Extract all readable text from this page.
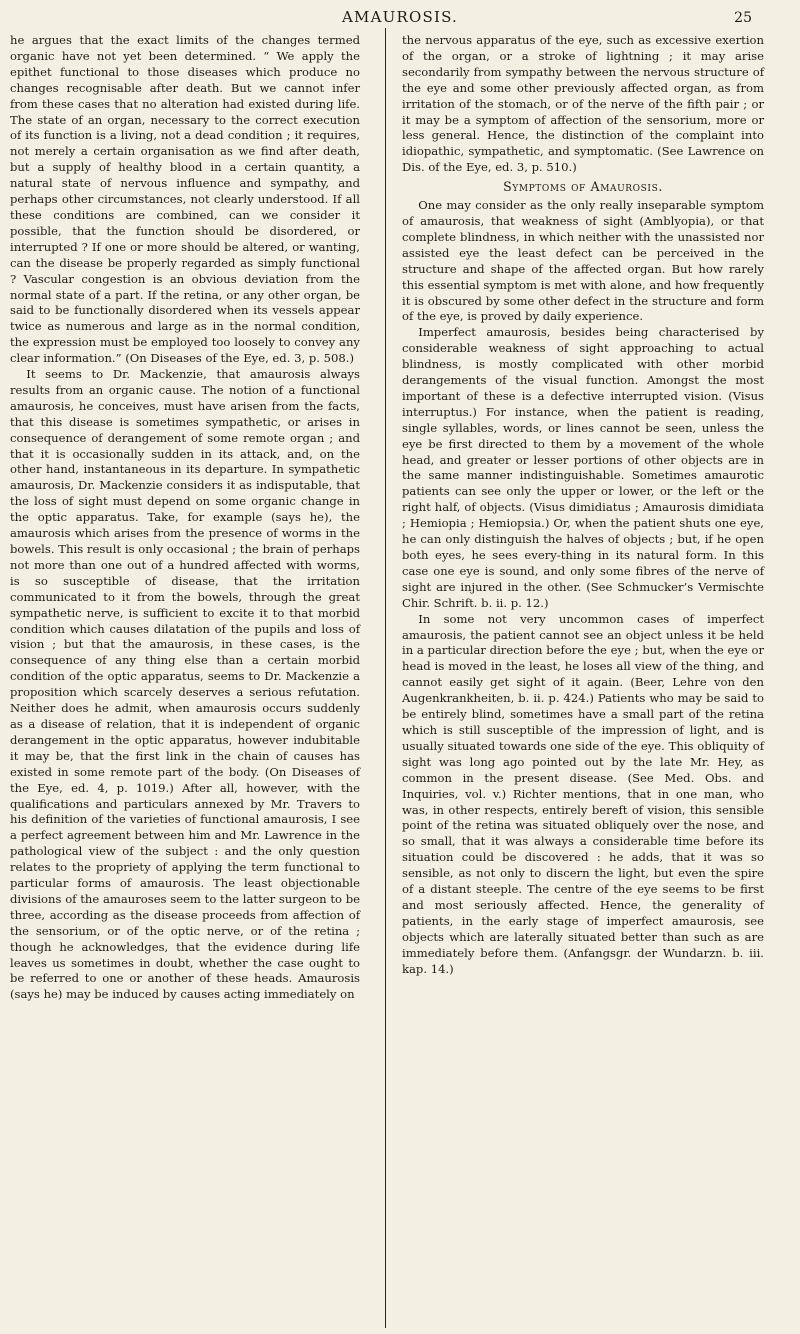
AMAUROSIS.	25

he argues that the exact limits of the changes termed organic have not yet been determined. “ We apply the epithet functional to those diseases which produce no changes recognisable after death. But we cannot infer from these cases that no alteration had existed during life. The state of an organ, necessary to the correct execution of its function is a living, not a dead condition ; it requires, not merely a certain organisation as we find after death, but a supply of healthy blood in a certain quantity, a natural state of nervous influence and sympathy, and perhaps other circumstances, not clearly understood. If all these conditions are combined, can we consider it possible, that the function should be disordered, or interrupted ? If one or more should be altered, or wanting, can the disease be properly regarded as simply functional ? Vascular congestion is an obvious deviation from the normal state of a part. If the retina, or any other organ, be said to be functionally disordered when its vessels appear twice as numerous and large as in the normal condition, the expression must be employed too loosely to convey any clear information.” (On Diseases of the Eye, ed. 3, p. 508.)

It seems to Dr. Mackenzie, that amaurosis always results from an organic cause. The notion of a functional amaurosis, he conceives, must have arisen from the facts, that this disease is sometimes sympathetic, or arises in consequence of derangement of some remote organ ; and that it is occasionally sudden in its attack, and, on the other hand, instantaneous in its departure. In sympathetic amaurosis, Dr. Mackenzie considers it as indisputable, that the loss of sight must depend on some organic change in the optic apparatus. Take, for example (says he), the amaurosis which arises from the presence of worms in the bowels. This result is only occasional ; the brain of perhaps not more than one out of a hundred affected with worms, is so susceptible of disease, that the irritation communicated to it from the bowels, through the great sympathetic nerve, is sufficient to excite it to that morbid condition which causes dilatation of the pupils and loss of vision ; but that the amaurosis, in these cases, is the consequence of any thing else than a certain morbid condition of the optic apparatus, seems to Dr. Mackenzie a proposition which scarcely deserves a serious refutation. Neither does he admit, when amaurosis occurs suddenly as a disease of relation, that it is independent of organic derangement in the optic apparatus, however indubitable it may be, that the first link in the chain of causes has existed in some remote part of the body. (On Diseases of the Eye, ed. 4, p. 1019.) After all, however, with the qualifications and particulars annexed by Mr. Travers to his definition of the varieties of functional amaurosis, I see a perfect agreement between him and Mr. Lawrence in the pathological view of the subject : and the only question relates to the propriety of applying the term functional to particular forms of amaurosis. The least objectionable divisions of the amauroses seem to the latter surgeon to be three, according as the disease proceeds from affection of the sensorium, or of the optic nerve, or of the retina ; though he acknowledges, that the evidence during life leaves us sometimes in doubt, whether the case ought to be referred to one or another of these heads. Amaurosis (says he) may be induced by causes acting immediately on

the nervous apparatus of the eye, such as excessive exertion of the organ, or a stroke of lightning ; it may arise secondarily from sympathy between the nervous structure of the eye and some other previously affected organ, as from irritation of the stomach, or of the nerve of the fifth pair ; or it may be a symptom of affection of the sensorium, more or less general. Hence, the distinction of the complaint into idiopathic, sympathetic, and symptomatic. (See Lawrence on Dis. of the Eye, ed. 3, p. 510.)

Symptoms of Amaurosis.

One may consider as the only really inseparable symptom of amaurosis, that weakness of sight (Amblyopia), or that complete blindness, in which neither with the unassisted nor assisted eye the least defect can be perceived in the structure and shape of the affected organ. But how rarely this essential symptom is met with alone, and how frequently it is obscured by some other defect in the structure and form of the eye, is proved by daily experience.

Imperfect amaurosis, besides being characterised by considerable weakness of sight approaching to actual blindness, is mostly complicated with other morbid derangements of the visual function. Amongst the most important of these is a defective interrupted vision. (Visus interruptus.) For instance, when the patient is reading, single syllables, words, or lines cannot be seen, unless the eye be first directed to them by a movement of the whole head, and greater or lesser portions of other objects are in the same manner indistinguishable. Sometimes amaurotic patients can see only the upper or lower, or the left or the right half, of objects. (Visus dimidiatus ; Amaurosis dimidiata ; Hemiopia ; Hemiopsia.) Or, when the patient shuts one eye, he can only distinguish the halves of objects ; but, if he open both eyes, he sees every-thing in its natural form. In this case one eye is sound, and only some fibres of the nerve of sight are injured in the other. (See Schmucker’s Vermischte Chir. Schrift. b. ii. p. 12.)

In some not very uncommon cases of imperfect amaurosis, the patient cannot see an object unless it be held in a particular direction before the eye ; but, when the eye or head is moved in the least, he loses all view of the thing, and cannot easily get sight of it again. (Beer, Lehre von den Augenkrankheiten, b. ii. p. 424.) Patients who may be said to be entirely blind, sometimes have a small part of the retina which is still susceptible of the impression of light, and is usually situated towards one side of the eye. This obliquity of sight was long ago pointed out by the late Mr. Hey, as common in the present disease. (See Med. Obs. and Inquiries, vol. v.) Richter mentions, that in one man, who was, in other respects, entirely bereft of vision, this sensible point of the retina was situated obliquely over the nose, and so small, that it was always a considerable time before its situation could be discovered : he adds, that it was so sensible, as not only to discern the light, but even the spire of a distant steeple. The centre of the eye seems to be first and most seriously affected. Hence, the generality of patients, in the early stage of imperfect amaurosis, see objects which are laterally situated better than such as are immediately before them. (Anfangsgr. der Wundarzn. b. iii. kap. 14.)
